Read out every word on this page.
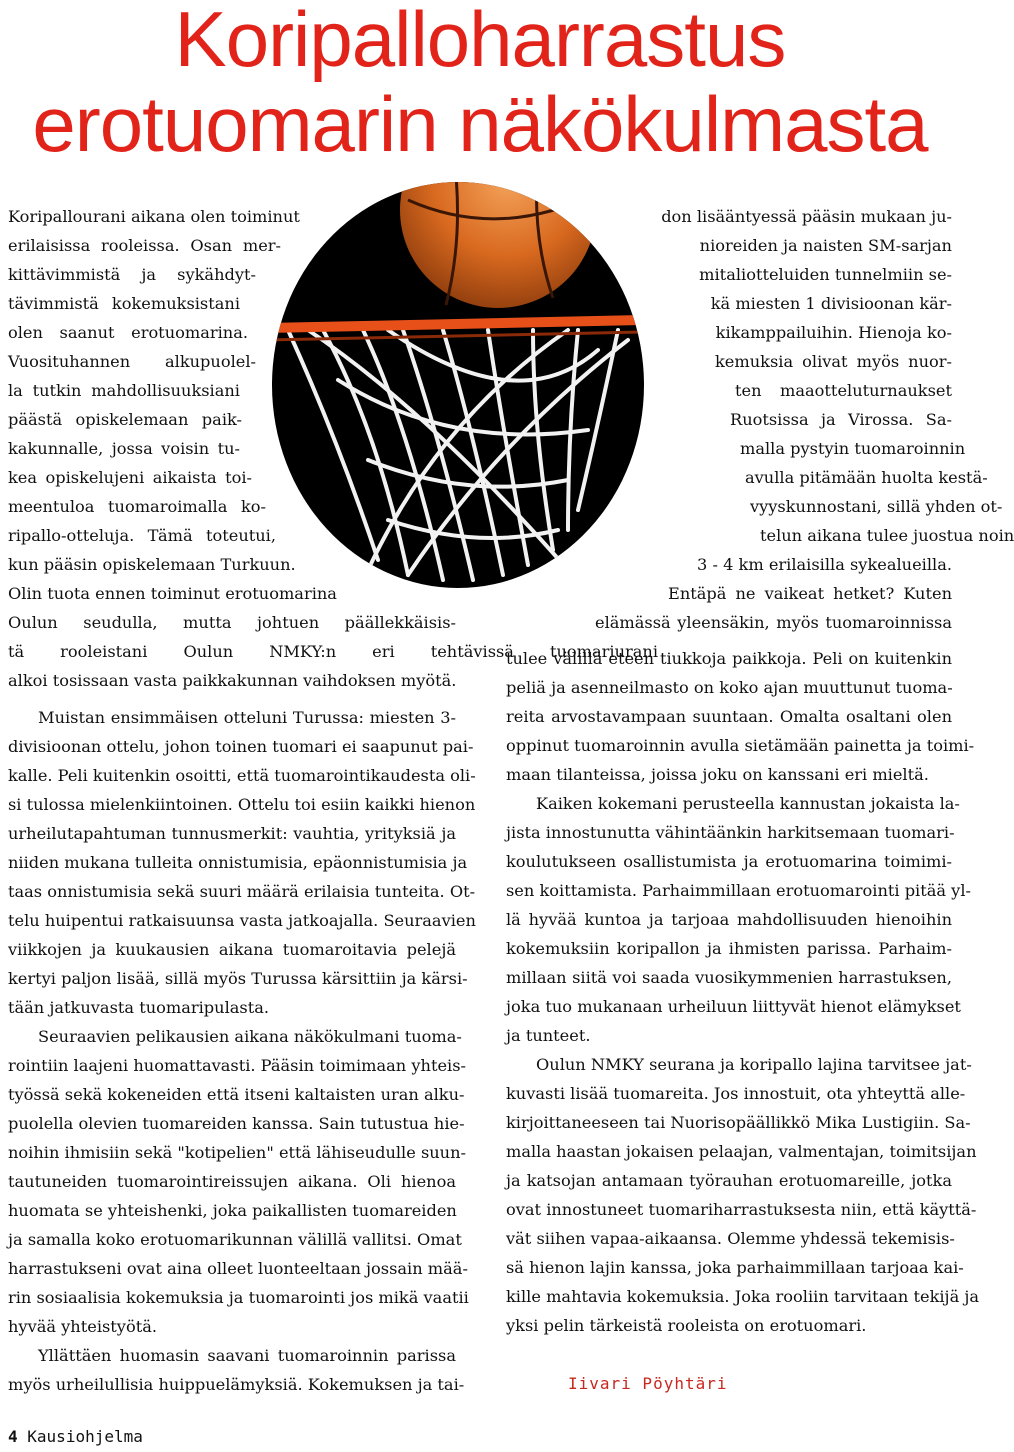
Koripalloharrastus
erotuomarin näkökulmasta
Koripallourani aikana olen toiminut
erilaisissa rooleissa. Osan mer-
kittävimmistä ja sykähdyt-
tävimmistä kokemuksistani
olen saanut erotuomarina.
Vuosituhannen alkupuolel-
la tutkin mahdollisuuksiani
päästä opiskelemaan paik-
kakunnalle, jossa voisin tu-
kea opiskelujeni aikaista toi-
meentuloa tuomaroimalla ko-
ripallo-otteluja. Tämä toteutui,
kun pääsin opiskelemaan Turkuun.
Olin tuota ennen toiminut erotuomarina
Oulun seudulla, mutta johtuen päällekkäisis-
tä rooleistani Oulun NMKY:n eri tehtävissä tuomariurani
alkoi tosissaan vasta paikkakunnan vaihdoksen myötä.
don lisääntyessä pääsin mukaan ju-
nioreiden ja naisten SM-sarjan
mitaliotteluiden tunnelmiin se-
kä miesten 1 divisioonan kär-
kikamppailuihin. Hienoja ko-
kemuksia olivat myös nuor-
ten maaotteluturnaukset
Ruotsissa ja Virossa. Sa-
malla pystyin tuomaroinnin
avulla pitämään huolta kestä-
vyyskunnostani, sillä yhden ot-
telun aikana tulee juostua noin
3 - 4 km erilaisilla sykealueilla.
Entäpä ne vaikeat hetket? Kuten
elämässä yleensäkin, myös tuomaroinnissa
Muistan ensimmäisen otteluni Turussa: miesten 3-
divisioonan ottelu, johon toinen tuomari ei saapunut pai-
kalle. Peli kuitenkin osoitti, että tuomarointikaudesta oli-
si tulossa mielenkiintoinen. Ottelu toi esiin kaikki hienon
urheilutapahtuman tunnusmerkit: vauhtia, yrityksiä ja
niiden mukana tulleita onnistumisia, epäonnistumisia ja
taas onnistumisia sekä suuri määrä erilaisia tunteita. Ot-
telu huipentui ratkaisuunsa vasta jatkoajalla. Seuraavien
viikkojen ja kuukausien aikana tuomaroitavia pelejä
kertyi paljon lisää, sillä myös Turussa kärsittiin ja kärsi-
tään jatkuvasta tuomaripulasta.
Seuraavien pelikausien aikana näkökulmani tuoma-
rointiin laajeni huomattavasti. Pääsin toimimaan yhteis-
työssä sekä kokeneiden että itseni kaltaisten uran alku-
puolella olevien tuomareiden kanssa. Sain tutustua hie-
noihin ihmisiin sekä "kotipelien" että lähiseudulle suun-
tautuneiden tuomarointireissujen aikana. Oli hienoa
huomata se yhteishenki, joka paikallisten tuomareiden
ja samalla koko erotuomarikunnan välillä vallitsi. Omat
harrastukseni ovat aina olleet luonteeltaan jossain mää-
rin sosiaalisia kokemuksia ja tuomarointi jos mikä vaatii
hyvää yhteistyötä.
Yllättäen huomasin saavani tuomaroinnin parissa
myös urheilullisia huippuelämyksiä. Kokemuksen ja tai-
tulee välillä eteen tiukkoja paikkoja. Peli on kuitenkin
peliä ja asenneilmasto on koko ajan muuttunut tuoma-
reita arvostavampaan suuntaan. Omalta osaltani olen
oppinut tuomaroinnin avulla sietämään painetta ja toimi-
maan tilanteissa, joissa joku on kanssani eri mieltä.
Kaiken kokemani perusteella kannustan jokaista la-
jista innostunutta vähintäänkin harkitsemaan tuomari-
koulutukseen osallistumista ja erotuomarina toimimi-
sen koittamista. Parhaimmillaan erotuomarointi pitää yl-
lä hyvää kuntoa ja tarjoaa mahdollisuuden hienoihin
kokemuksiin koripallon ja ihmisten parissa. Parhaim-
millaan siitä voi saada vuosikymmenien harrastuksen,
joka tuo mukanaan urheiluun liittyvät hienot elämykset
ja tunteet.
Oulun NMKY seurana ja koripallo lajina tarvitsee jat-
kuvasti lisää tuomareita. Jos innostuit, ota yhteyttä alle-
kirjoittaneeseen tai Nuorisopäällikkö Mika Lustigiin. Sa-
malla haastan jokaisen pelaajan, valmentajan, toimitsijan
ja katsojan antamaan työrauhan erotuomareille, jotka
ovat innostuneet tuomariharrastuksesta niin, että käyttä-
vät siihen vapaa-aikaansa. Olemme yhdessä tekemisis-
sä hienon lajin kanssa, joka parhaimmillaan tarjoaa kai-
kille mahtavia kokemuksia. Joka rooliin tarvitaan tekijä ja
yksi pelin tärkeistä rooleista on erotuomari.
Iivari Pöyhtäri
4 Kausiohjelma
